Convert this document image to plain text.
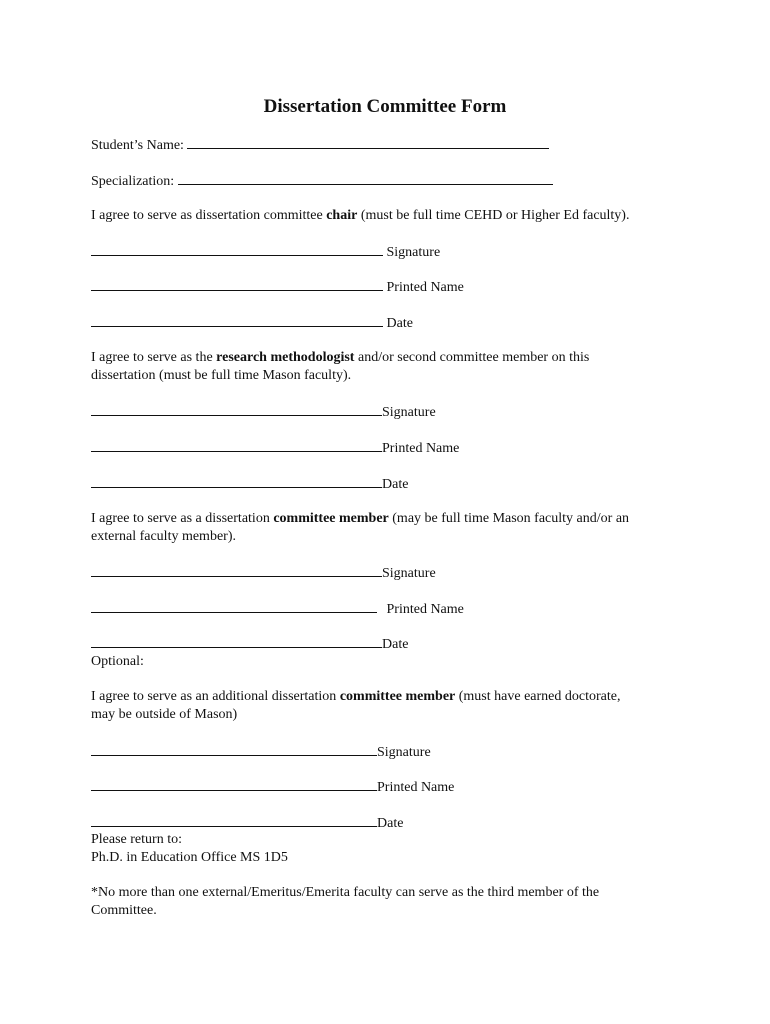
Dissertation Committee Form
Student’s Name:
Specialization:
I agree to serve as dissertation committee chair (must be full time CEHD or Higher Ed faculty).
Signature
Printed Name
Date
I agree to serve as the research methodologist and/or second committee member on this
dissertation (must be full time Mason faculty).
Signature
Printed Name
Date
I agree to serve as a dissertation committee member (may be full time Mason faculty and/or an
external faculty member).
Signature
Printed Name
Date
Optional:
I agree to serve as an additional dissertation committee member (must have earned doctorate,
may be outside of Mason)
Signature
Printed Name
Date
Please return to:
Ph.D. in Education Office MS 1D5
*No more than one external/Emeritus/Emerita faculty can serve as the third member of the
Committee.
